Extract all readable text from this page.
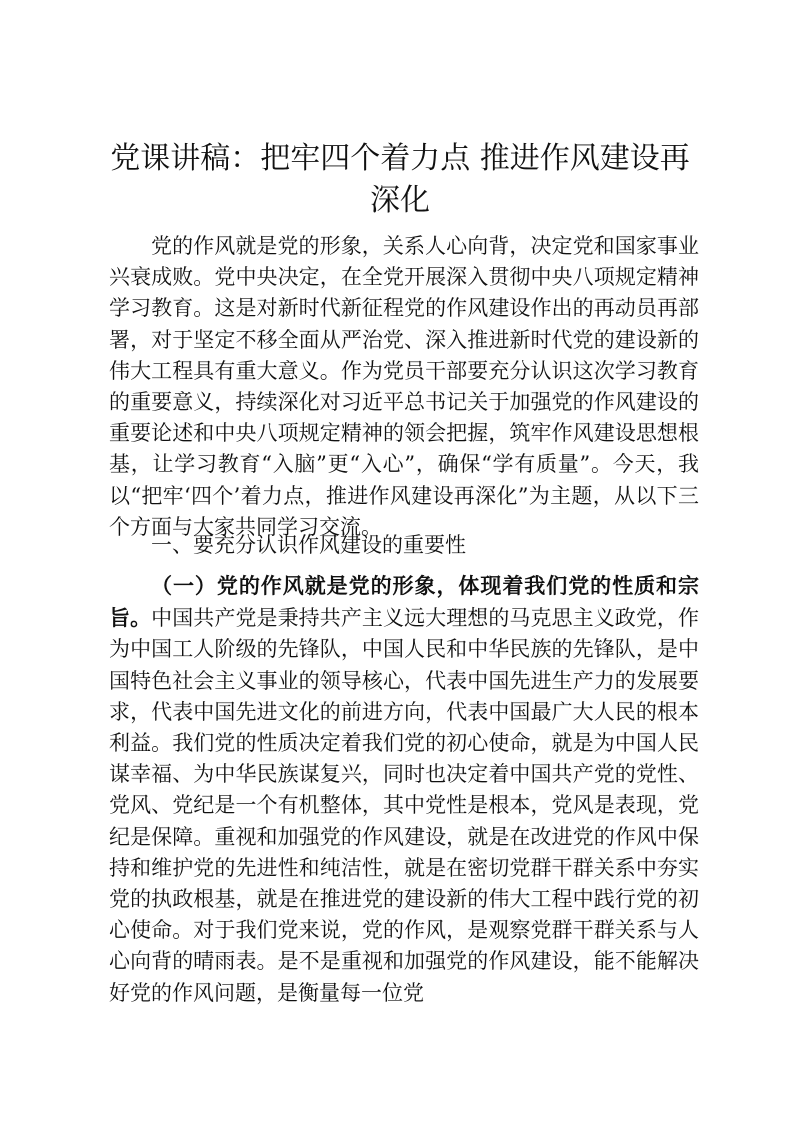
党课讲稿：把牢四个着力点 推进作风建设再深化

党的作风就是党的形象，关系人心向背，决定党和国家事业兴衰成败。党中央决定，在全党开展深入贯彻中央八项规定精神学习教育。这是对新时代新征程党的作风建设作出的再动员再部署，对于坚定不移全面从严治党、深入推进新时代党的建设新的伟大工程具有重大意义。作为党员干部要充分认识这次学习教育的重要意义，持续深化对习近平总书记关于加强党的作风建设的重要论述和中央八项规定精神的领会把握，筑牢作风建设思想根基，让学习教育“入脑”更“入心”，确保“学有质量”。今天，我以“把牢‘四个’着力点，推进作风建设再深化”为主题，从以下三个方面与大家共同学习交流。

一、要充分认识作风建设的重要性

（一）党的作风就是党的形象，体现着我们党的性质和宗旨。中国共产党是秉持共产主义远大理想的马克思主义政党，作为中国工人阶级的先锋队，中国人民和中华民族的先锋队，是中国特色社会主义事业的领导核心，代表中国先进生产力的发展要求，代表中国先进文化的前进方向，代表中国最广大人民的根本利益。我们党的性质决定着我们党的初心使命，就是为中国人民谋幸福、为中华民族谋复兴，同时也决定着中国共产党的党性、党风、党纪是一个有机整体，其中党性是根本，党风是表现，党纪是保障。重视和加强党的作风建设，就是在改进党的作风中保持和维护党的先进性和纯洁性，就是在密切党群干群关系中夯实党的执政根基，就是在推进党的建设新的伟大工程中践行党的初心使命。对于我们党来说，党的作风，是观察党群干群关系与人心向背的晴雨表。是不是重视和加强党的作风建设，能不能解决好党的作风问题，是衡量每一位党
